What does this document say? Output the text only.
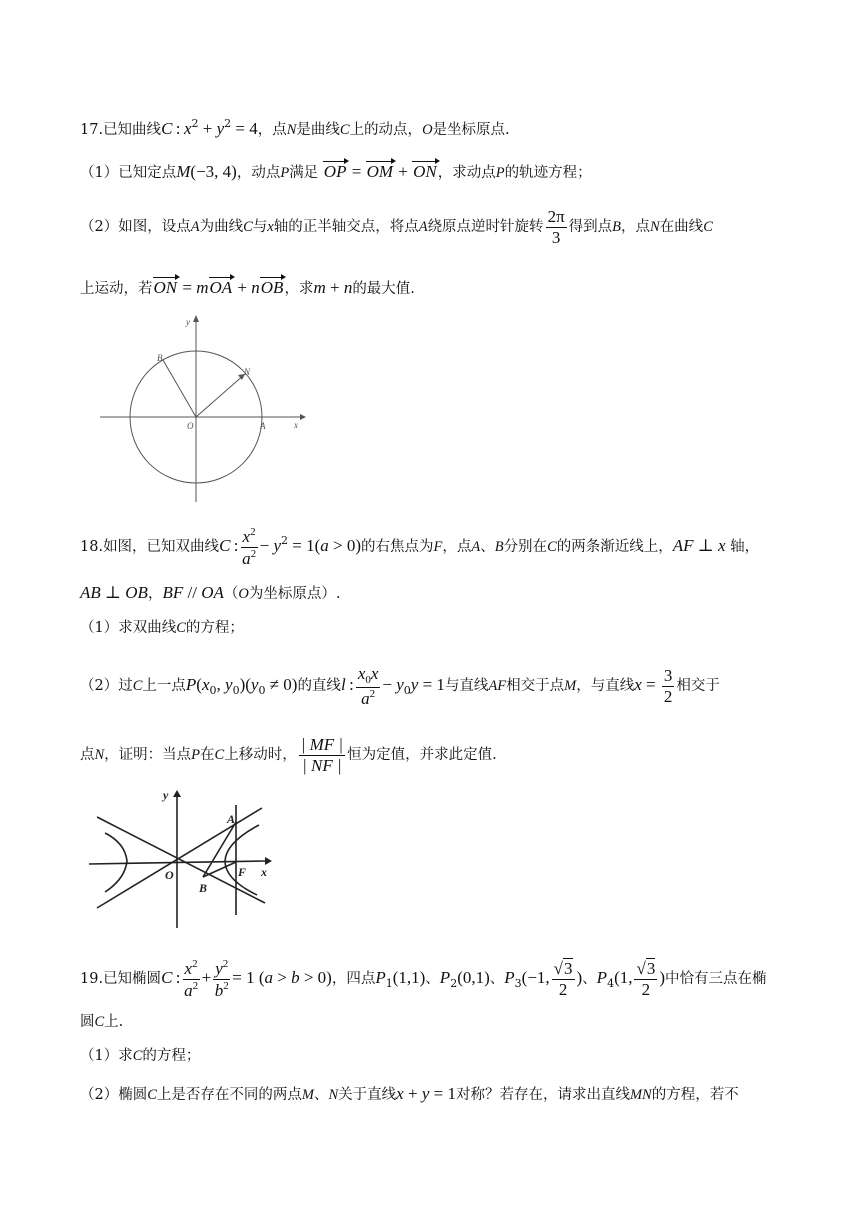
17.已知曲线C : $x^2 + y^2 = 4$，点N是曲线C上的动点，O是坐标原点.
（1）已知定点M(−3, 4)，动点P满足 OP = OM + ON，求动点P的轨迹方程；
（2）如图，设点A为曲线C与x轴的正半轴交点，将点A绕原点逆时针旋转 $\frac{2\pi}{3}$ 得到点B，点N在曲线C
上运动，若ON = mOA + nOB，求m + n的最大值.
y
x
O	A
B
N
18.如图，已知双曲线C : $\frac{x^2}{a^2} - y^2 = 1(a > 0)$的右焦点为F，点A、B分别在C的两条渐近线上，AF ⊥ x 轴，
AB ⊥ OB，BF // OA（O为坐标原点）.
（1）求双曲线C的方程；
（2）过C上一点$P(x_0$, $y_0)(y_0 \ne 0)$的直线l : $\frac{x_0x}{a^2} - y_0y = 1$与直线AF相交于点M，与直线$x = \frac{3}{2}$ 相交于
点N，证明：当点P在C上移动时， $\frac{| MF |}{| NF |}$ 恒为定值，并求此定值.
y
x
O
A
B
F
19.已知椭圆C : $\frac{x^2}{a^2} + \frac{y^2}{b^2} = 1$ (a > b > 0)，四点$P_1(1,1)$、$P_2(0,1)$、$P_3(-1$, $\frac{√3}{2}$ )、$P_4(1$, $\frac{√3}{2}$ )中恰有三点在椭
圆C上.
（1）求C的方程；
（2）椭圆C上是否存在不同的两点M、N关于直线x + y = 1对称？若存在，请求出直线MN的方程，若不
